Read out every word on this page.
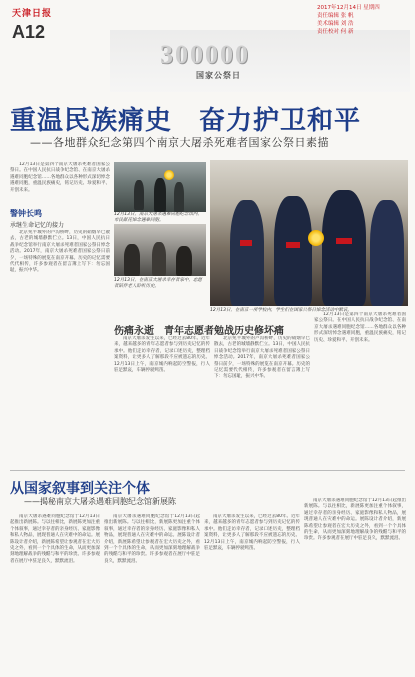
天津日报
A12
300000
国家公祭日
2017年12月14日 星期四
责任编辑 张 帆
美术编辑 刘 浩
责任校对 何 新
重温民族痛史　奋力护卫和平
——各地群众纪念第四个南京大屠杀死难者国家公祭日素描

12月13日是第四个南京大屠杀死难者国家公祭日。在中国人民抗日战争纪念馆、在南京大屠杀遇难同胞纪念馆……各地群众以各种形式深切悼念遇难同胞，重温民族痛史，铭记历史、珍爱和平、开创未来。

警钟长鸣
承继生命记忆的接力

北京宛平城外的卢沟桥畔，历史的硝烟早已散去，古老的城墙静默伫立。13日，中国人民抗日战争纪念馆举行南京大屠杀死难者国家公祭日悼念活动。2017年，南京大屠杀死难者国家公祭日前夕，一场特殊的展览在南京开幕。历史的记忆需要代代相传，许多参观者在留言簿上写下：勿忘国耻，振兴中华。

12月13日，南京大屠杀遇难同胞纪念馆内，市民献花悼念遇难同胞。
12月13日，在南京大屠杀幸存者家中，志愿者陪伴老人聆听历史。
12月13日，在南京一所学校内，学生们在国家公祭日悼念活动中默哀。
伤痛永逝　青年志愿者勉战历史修坏痛

南京大屠杀发生以来，已经过去80年。近年来，越来越多的青年志愿者参与到历史记忆的传承中。他们走访幸存者，记录口述历史，整理档案资料，让更多人了解那段不应被遗忘的历史。12月13日上午，南京城内响起防空警报，行人驻足默哀，车辆停驶鸣笛。

北京宛平城外的卢沟桥畔，历史的硝烟早已散去，古老的城墙静默伫立。13日，中国人民抗日战争纪念馆举行南京大屠杀死难者国家公祭日悼念活动。2017年，南京大屠杀死难者国家公祭日前夕，一场特殊的展览在南京开幕。历史的记忆需要代代相传，许多参观者在留言簿上写下：勿忘国耻，振兴中华。

12月13日是第四个南京大屠杀死难者国家公祭日。在中国人民抗日战争纪念馆、在南京大屠杀遇难同胞纪念馆……各地群众以各种形式深切悼念遇难同胞，重温民族痛史，铭记历史、珍爱和平、开创未来。

从国家叙事到关注个体
——揭秘南京大屠杀遇难同胞纪念馆新展陈

南京大屠杀遇难同胞纪念馆于12月13日起推出新展陈。与以往相比，新展陈更加注重个体叙事，通过幸存者的亲身经历、家庭影像和私人物品，展现普通人在灾难中的命运。展陈设计者介绍，新展陈希望让参观者在宏大历史之外，看到一个个具体的生命，从而更加深刻地理解战争的残酷与和平的珍贵。许多参观者在展厅中驻足良久，默默流泪。

南京大屠杀遇难同胞纪念馆于12月13日起推出新展陈。与以往相比，新展陈更加注重个体叙事，通过幸存者的亲身经历、家庭影像和私人物品，展现普通人在灾难中的命运。展陈设计者介绍，新展陈希望让参观者在宏大历史之外，看到一个个具体的生命，从而更加深刻地理解战争的残酷与和平的珍贵。许多参观者在展厅中驻足良久，默默流泪。

南京大屠杀发生以来，已经过去80年。近年来，越来越多的青年志愿者参与到历史记忆的传承中。他们走访幸存者，记录口述历史，整理档案资料，让更多人了解那段不应被遗忘的历史。12月13日上午，南京城内响起防空警报，行人驻足默哀，车辆停驶鸣笛。

南京大屠杀遇难同胞纪念馆于12月13日起推出新展陈。与以往相比，新展陈更加注重个体叙事，通过幸存者的亲身经历、家庭影像和私人物品，展现普通人在灾难中的命运。展陈设计者介绍，新展陈希望让参观者在宏大历史之外，看到一个个具体的生命，从而更加深刻地理解战争的残酷与和平的珍贵。许多参观者在展厅中驻足良久，默默流泪。
